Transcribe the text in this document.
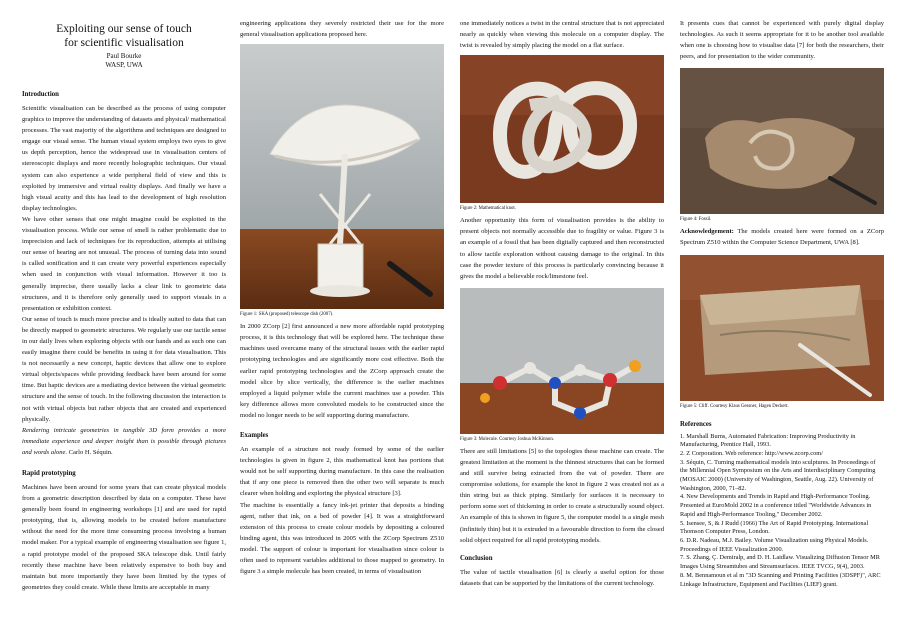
Exploiting our sense of touch
for scientific visualisation
Paul Bourke
WASP, UWA
Introduction

Scientific visualisation can be described as the process of using computer graphics to improve the understanding of datasets and physical/ mathematical processes. The vast majority of the algorithms and techniques are designed to engage our visual sense. The human visual system employs two eyes to give us depth perception, hence the widespread use in visualisation centers of stereoscopic displays and more recently holographic techniques. Our visual system can also experience a wide peripheral field of view and this is exploited by immersive and virtual reality displays. And finally we have a high visual acuity and this has lead to the development of high resolution display technologies.

We have other senses that one might imagine could be exploited in the visualisation process. While our sense of smell is rather problematic due to imprecision and lack of techniques for its reproduction, attempts at utilising our sense of hearing are not unusual. The process of turning data into sound is called sonification and it can create very powerful experiences especially when used in conjunction with visual information. However it too is generally imprecise, there usually lacks a clear link to geometric data structures, and it is therefore only generally used to support visuals in a presentation or exhibition context.

Our sense of touch is much more precise and is ideally suited to data that can be directly mapped to geometric structures. We regularly use our tactile sense in our daily lives when exploring objects with our hands and as such one can easily imagine there could be benefits in using it for data visualisation. This is not necessarily a new concept, haptic devices that allow one to explore virtual objects/spaces while providing feedback have been around for some time. But haptic devices are a mediating device between the virtual geometric structure and the sense of touch. In the following discussion the interaction is not with virtual objects but rather objects that are created and experienced physically.

Rendering intricate geometries in tangible 3D form provides a more immediate experience and deeper insight than is possible through pictures and words alone. Carlo H. Séquin.

Rapid prototyping

Machines have been around for some years that can create physical models from a geometric description described by data on a computer. These have generally been found in engineering workshops [1] and are used for rapid prototyping, that is, allowing models to be created before manufacture without the need for the more time consuming process involving a human model maker. For a typical example of engineering visualisation see figure 1, a rapid prototype model of the proposed SKA telescope disk. Until fairly recently these machine have been relatively expensive to both buy and maintain but more importantly they have been limited by the types of geometries they could create. While these limits are acceptable in many

engineering applications they severely restricted their use for the more general visualisation applications proposed here.

Figure 1: SKA (proposed) telescope dish (2007).

In 2000 ZCorp [2] first announced a new more affordable rapid prototyping process, it is this technology that will be explored here. The technique these machines used overcame many of the structural issues with the earlier rapid prototyping technologies and are significantly more cost effective. Both the earlier rapid prototyping technologies and the ZCorp approach create the model slice by slice vertically, the difference is the earlier machines employed a liquid polymer while the current machines use a powder. This key difference allows more convoluted models to be constructed since the model no longer needs to be self supporting during manufacture.

Examples

An example of a structure not ready formed by some of the earlier technologies is given in figure 2, this mathematical knot has portions that would not be self supporting during manufacture. In this case the realisation that if any one piece is removed then the other two will separate is much clearer when holding and exploring the physical structure [3].

The machine is essentially a fancy ink-jet printer that deposits a binding agent, rather that ink, on a bed of powder [4]. It was a straightforward extension of this process to create colour models by depositing a coloured binding agent, this was introduced in 2005 with the ZCorp Spectrum Z510 model. The support of colour is important for visualisation since colour is often used to represent variables additional to those mapped to geometry. In figure 3 a simple molecule has been created, in terms of visualisation

one immediately notices a twist in the central structure that is not appreciated nearly as quickly when viewing this molecule on a computer display. The twist is revealed by simply placing the model on a flat surface.

Figure 2: Mathematical knot.

Another opportunity this form of visualisation provides is the ability to present objects not normally accessible due to fragility or value. Figure 3 is an example of a fossil that has been digitally captured and then reconstructed to allow tactile exploration without causing damage to the original. In this case the powder texture of this process is particularly convincing because it gives the model a believable rock/limestone feel.

Figure 3: Molecule. Courtesy Joshua McKinnon.

There are still limitations [5] to the topologies these machine can create. The greatest limitation at the moment is the thinnest structures that can be formed and still survive being extracted from the vat of powder. There are compromise solutions, for example the knot in figure 2 was created not as a thin string but as thick piping. Similarly for surfaces it is necessary to perform some sort of thickening in order to create a structurally sound object. An example of this is shown in figure 5, the computer model is a single mesh (infinitely thin) but it is extruded in a favourable direction to form the closed solid object required for all rapid prototyping models.

Conclusion

The value of tactile visualisation [6] is clearly a useful option for those datasets that can be supported by the limitations of the current technology.

It presents cues that cannot be experienced with purely digital display technologies. As such it seems appropriate for it to be another tool available when one is choosing how to visualise data [7] for both the researchers, their peers, and for presentation to the wider community.

Figure 4: Fossil.

Acknowledgement: The models created here were formed on a ZCorp Spectrum Z510 within the Computer Science Department, UWA [8].

Figure 5: Cliff. Courtesy Klaus Gessner, Hagen Deckert.

References

1. Marshall Burns, Automated Fabrication: Improving Productivity in Manufacturing, Prentice Hall, 1993.

2. Z Corporation. Web reference: http://www.zcorp.com/

3. Séquin, C. Turning mathematical models into sculptures. In Proceedings of the Millennial Open Symposium on the Arts and Interdisciplinary Computing (MOSAIC 2000) (University of Washington, Seattle, Aug. 22). University of Washington, 2000, 71–82.

4. New Developments and Trends in Rapid and High-Performance Tooling. Presented at EuroMold 2002 in a conference titled "Worldwide Advances in Rapid and High-Performance Tooling," December 2002.

5. Isensee, S, & J Rudd (1966) The Art of Rapid Prototyping. International Thomson Computer Press, London.

6. D.R. Nadeau, M.J. Bailey. Volume Visualization using Physical Models. Proceedings of IEEE Visualization 2000.

7. S. Zhang, Ç. Demiralp, and D. H. Laidlaw. Visualizing Diffusion Tensor MR Images Using Streamtubes and Streamsurfaces. IEEE TVCG, 9(4), 2003.

8. M. Bennamoun et al m "3D Scanning and Printing Facilities (3DSPF)", ARC Linkage Infrastructure, Equipment and Facilities (LIEF) grant.
